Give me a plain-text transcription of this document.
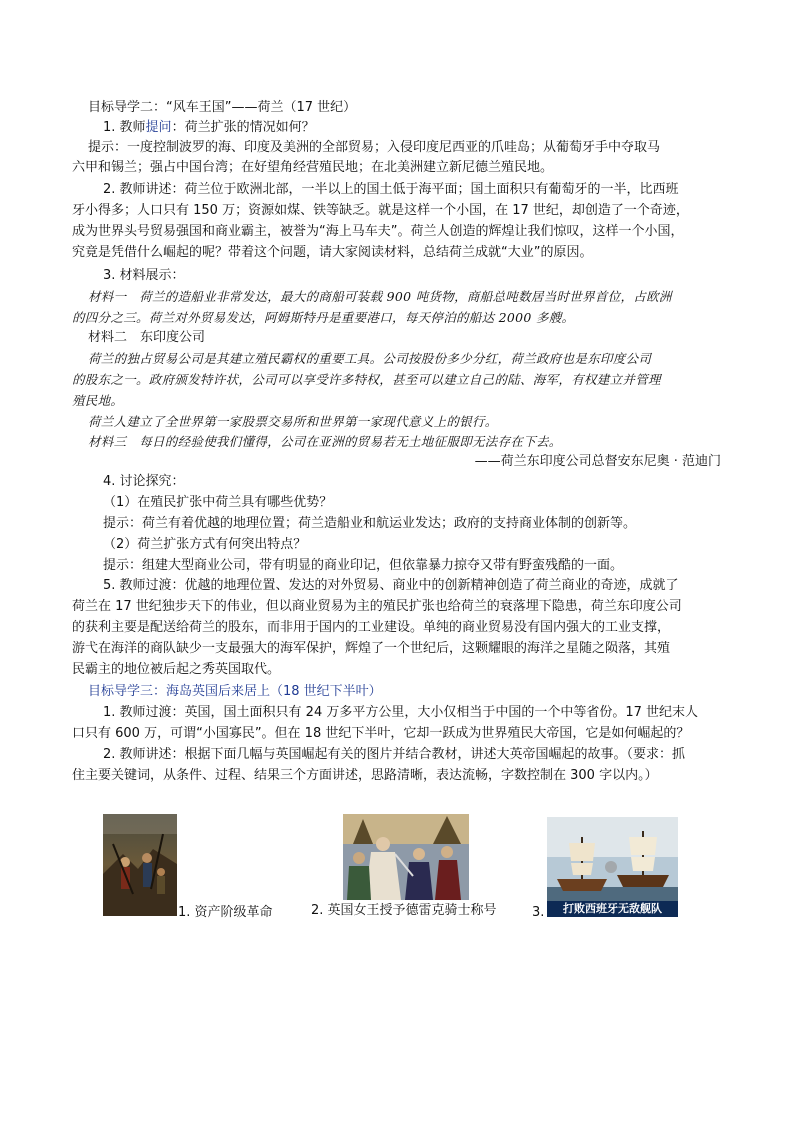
目标导学二：“风车王国”——荷兰（17 世纪）

1. 教师提问：荷兰扩张的情况如何？

提示：一度控制波罗的海、印度及美洲的全部贸易；入侵印度尼西亚的爪哇岛；从葡萄牙手中夺取马

六甲和锡兰；强占中国台湾；在好望角经营殖民地；在北美洲建立新尼德兰殖民地。

2. 教师讲述：荷兰位于欧洲北部，一半以上的国土低于海平面；国土面积只有葡萄牙的一半，比西班

牙小得多；人口只有 150 万；资源如煤、铁等缺乏。就是这样一个小国，在 17 世纪，却创造了一个奇迹，

成为世界头号贸易强国和商业霸主，被誉为“海上马车夫”。荷兰人创造的辉煌让我们惊叹，这样一个小国，

究竟是凭借什么崛起的呢？带着这个问题，请大家阅读材料，总结荷兰成就“大业”的原因。

3. 材料展示：

材料一　荷兰的造船业非常发达，最大的商船可装载 900 吨货物，商船总吨数居当时世界首位，占欧洲

的四分之三。荷兰对外贸易发达，阿姆斯特丹是重要港口，每天停泊的船达 2000 多艘。

材料二　东印度公司

荷兰的独占贸易公司是其建立殖民霸权的重要工具。公司按股份多少分红，荷兰政府也是东印度公司

的股东之一。政府颁发特许状，公司可以享受许多特权，甚至可以建立自己的陆、海军，有权建立并管理

殖民地。

荷兰人建立了全世界第一家股票交易所和世界第一家现代意义上的银行。

材料三　每日的经验使我们懂得，公司在亚洲的贸易若无土地征服即无法存在下去。

——荷兰东印度公司总督安东尼奥 · 范迪门

4. 讨论探究：

（1）在殖民扩张中荷兰具有哪些优势？

提示：荷兰有着优越的地理位置；荷兰造船业和航运业发达；政府的支持商业体制的创新等。

（2）荷兰扩张方式有何突出特点？

提示：组建大型商业公司，带有明显的商业印记，但依靠暴力掠夺又带有野蛮残酷的一面。

5. 教师过渡：优越的地理位置、发达的对外贸易、商业中的创新精神创造了荷兰商业的奇迹，成就了

荷兰在 17 世纪独步天下的伟业，但以商业贸易为主的殖民扩张也给荷兰的衰落埋下隐患，荷兰东印度公司

的获利主要是配送给荷兰的股东，而非用于国内的工业建设。单纯的商业贸易没有国内强大的工业支撑，

游弋在海洋的商队缺少一支最强大的海军保护，辉煌了一个世纪后，这颗耀眼的海洋之星随之陨落，其殖

民霸主的地位被后起之秀英国取代。

目标导学三：海岛英国后来居上（18 世纪下半叶）

1. 教师过渡：英国，国土面积只有 24 万多平方公里，大小仅相当于中国的一个中等省份。17 世纪末人

口只有 600 万，可谓“小国寡民”。但在 18 世纪下半叶，它却一跃成为世界殖民大帝国，它是如何崛起的？

2. 教师讲述：根据下面几幅与英国崛起有关的图片并结合教材，讲述大英帝国崛起的故事。（要求：抓

住主要关键词，从条件、过程、结果三个方面讲述，思路清晰，表达流畅，字数控制在 300 字以内。）

1. 资产阶级革命	2. 英国女王授予德雷克骑士称号	3.	打败西班牙无敌舰队
